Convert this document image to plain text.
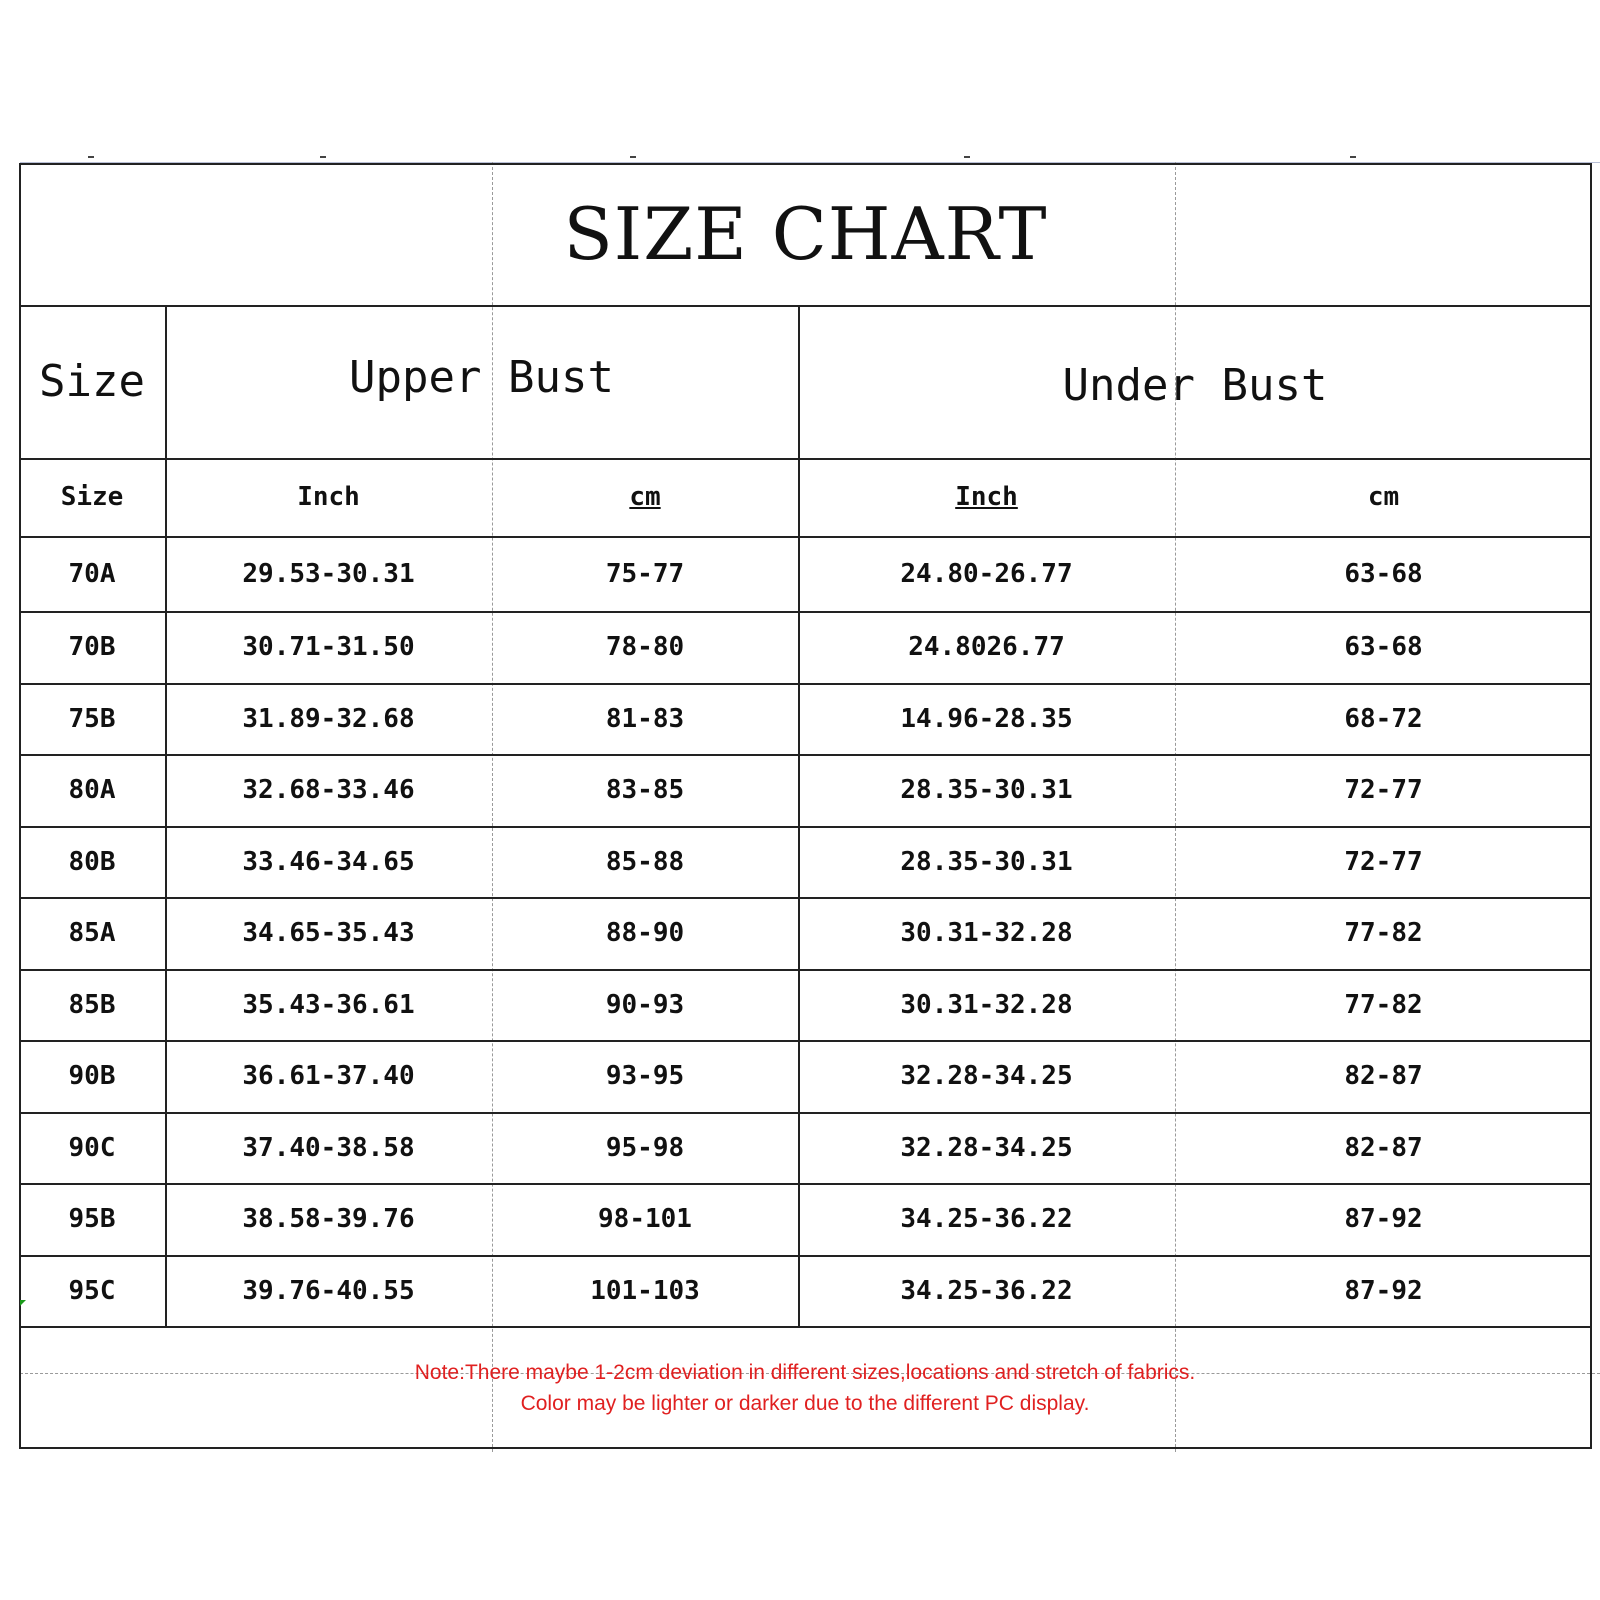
SIZE CHART
Size	Upper Bust	Under Bust
Size	Inch	cm	Inch	cm
70A	29.53-30.31	75-77	24.80-26.77	63-68
70B	30.71-31.50	78-80	24.8026.77	63-68
75B	31.89-32.68	81-83	14.96-28.35	68-72
80A	32.68-33.46	83-85	28.35-30.31	72-77
80B	33.46-34.65	85-88	28.35-30.31	72-77
85A	34.65-35.43	88-90	30.31-32.28	77-82
85B	35.43-36.61	90-93	30.31-32.28	77-82
90B	36.61-37.40	93-95	32.28-34.25	82-87
90C	37.40-38.58	95-98	32.28-34.25	82-87
95B	38.58-39.76	98-101	34.25-36.22	87-92
95C	39.76-40.55	101-103	34.25-36.22	87-92
Note:There maybe 1-2cm deviation in different sizes,locations and stretch of fabrics.
Color may be lighter or darker due to the different PC display.
